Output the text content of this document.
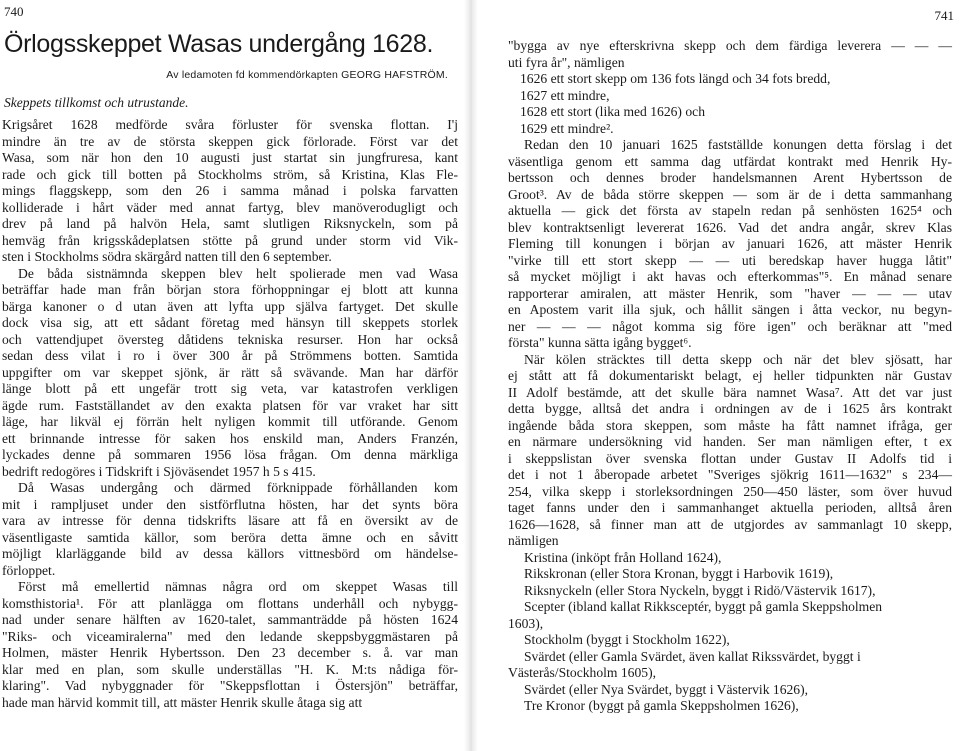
740	741
Örlogsskeppet Wasas undergång 1628.
Av ledamoten fd kommendörkapten GEORG HAFSTRÖM.
Skeppets tillkomst och utrustande.
Krigsåret 1628 medförde svåra förluster för svenska flottan. I'j
mindre än tre av de största skeppen gick förlorade. Först var det
Wasa, som när hon den 10 augusti just startat sin jungfruresa, kant
rade och gick till botten på Stockholms ström, så Kristina, Klas Fle-
mings flaggskepp, som den 26 i samma månad i polska farvatten
kolliderade i hårt väder med annat fartyg, blev manöverodugligt och
drev på land på halvön Hela, samt slutligen Riksnyckeln, som på
hemväg från krigsskådeplatsen stötte på grund under storm vid Vik-
sten i Stockholms södra skärgård natten till den 6 september.
De båda sistnämnda skeppen blev helt spolierade men vad Wasa
beträffar hade man från början stora förhoppningar ej blott att kunna
bärga kanoner o d utan även att lyfta upp själva fartyget. Det skulle
dock visa sig, att ett sådant företag med hänsyn till skeppets storlek
och vattendjupet översteg dåtidens tekniska resurser. Hon har också
sedan dess vilat i ro i över 300 år på Strömmens botten. Samtida
uppgifter om var skeppet sjönk, är rätt så svävande. Man har därför
länge blott på ett ungefär trott sig veta, var katastrofen verkligen
ägde rum. Fastställandet av den exakta platsen för var vraket har sitt
läge, har likväl ej förrän helt nyligen kommit till utförande. Genom
ett brinnande intresse för saken hos enskild man, Anders Franzén,
lyckades denne på sommaren 1956 lösa frågan. Om denna märkliga
bedrift redogöres i Tidskrift i Sjöväsendet 1957 h 5 s 415.
Då Wasas undergång och därmed förknippade förhållanden kom
mit i rampljuset under den sistförflutna hösten, har det synts böra
vara av intresse för denna tidskrifts läsare att få en översikt av de
väsentligaste samtida källor, som beröra detta ämne och en såvitt
möjligt klarläggande bild av dessa källors vittnesbörd om händelse-
förloppet.
Först må emellertid nämnas några ord om skeppet Wasas till
komsthistoria¹. För att planlägga om flottans underhåll och nybygg-
nad under senare hälften av 1620-talet, sammanträdde på hösten 1624
"Riks- och viceamiralerna" med den ledande skeppsbyggmästaren på
Holmen, mäster Henrik Hybertsson. Den 23 december s. å. var man
klar med en plan, som skulle underställas "H. K. M:ts nådiga för-
klaring". Vad nybyggnader för "Skeppsflottan i Östersjön" beträffar,
hade man härvid kommit till, att mäster Henrik skulle åtaga sig att
"bygga av nye efterskrivna skepp och dem färdiga leverera — — —
uti fyra år", nämligen
1626 ett stort skepp om 136 fots längd och 34 fots bredd,
1627 ett mindre,
1628 ett stort (lika med 1626) och
1629 ett mindre².
Redan den 10 januari 1625 fastställde konungen detta förslag i det
väsentliga genom ett samma dag utfärdat kontrakt med Henrik Hy-
bertsson och dennes broder handelsmannen Arent Hybertsson de
Groot³. Av de båda större skeppen — som är de i detta sammanhang
aktuella — gick det första av stapeln redan på senhösten 1625⁴ och
blev kontraktsenligt levererat 1626. Vad det andra angår, skrev Klas
Fleming till konungen i början av januari 1626, att mäster Henrik
"virke till ett stort skepp — — uti beredskap haver hugga låtit"
så mycket möjligt i akt havas och efterkommas"⁵. En månad senare
rapporterar amiralen, att mäster Henrik, som "haver — — — utav
en Apostem varit illa sjuk, och hållit sängen i åtta veckor, nu begyn-
ner — — — något komma sig före igen" och beräknar att "med
första" kunna sätta igång bygget⁶.
När kölen sträcktes till detta skepp och när det blev sjösatt, har
ej stått att få dokumentariskt belagt, ej heller tidpunkten när Gustav
II Adolf bestämde, att det skulle bära namnet Wasa⁷. Att det var just
detta bygge, alltså det andra i ordningen av de i 1625 års kontrakt
ingående båda stora skeppen, som måste ha fått namnet ifråga, ger
en närmare undersökning vid handen. Ser man nämligen efter, t ex
i skeppslistan över svenska flottan under Gustav II Adolfs tid i
det i not 1 åberopade arbetet "Sveriges sjökrig 1611—1632" s 234—
254, vilka skepp i storleksordningen 250—450 läster, som över huvud
taget fanns under den i sammanhanget aktuella perioden, alltså åren
1626—1628, så finner man att de utgjordes av sammanlagt 10 skepp,
nämligen
Kristina (inköpt från Holland 1624),
Rikskronan (eller Stora Kronan, byggt i Harbovik 1619),
Riksnyckeln (eller Stora Nyckeln, byggt i Ridö/Västervik 1617),
Scepter (ibland kallat Rikksceptér, byggt på gamla Skeppsholmen
1603),
Stockholm (byggt i Stockholm 1622),
Svärdet (eller Gamla Svärdet, även kallat Rikssvärdet, byggt i
Västerås/Stockholm 1605),
Svärdet (eller Nya Svärdet, byggt i Västervik 1626),
Tre Kronor (byggt på gamla Skeppsholmen 1626),
